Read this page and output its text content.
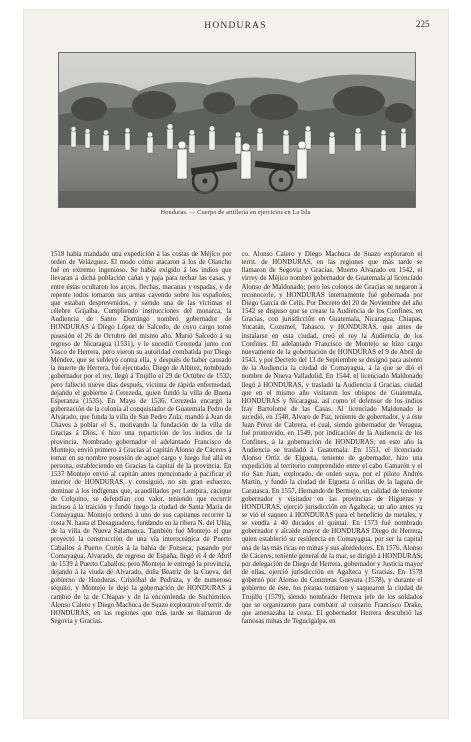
HONDURAS	225
Honduras. — Cuerpo de artillería en ejercicios en La Isla

1518 había mandado una expedición á las costas de Méjico por orden de Velázquez. El modo cómo atacaron á los de Olancho fué en extremo ingenioso. Se había exigido á los indios que llevaran á dichá población cañas y paja para techar las casas, y entre éstas ocultaron los arcos, flechas, macanas y espadas, y de repente todos tomaron sus armas cayendo sobre los españoles, que estaban desprevenidos, y siendo una de las víctimas el célebre Grijalba. Cumpliendo instrucciones del monarca, la Audiencia de Santo Domingo nombró gobernador de HONDURAS á Diego López de Salcedo, de cuyo cargo tomó posesión el 26 de Octubre del mismo año. Murió Salcedo á su regreso de Nicaragua (1531), y le sucedió Cerezeda junto con Vasco de Herrera, pero vieron su autoridad combatida por Diego Méndez, que se subleyó contra ella, y después de haber causado la muerte de Herrera, fué ejecutado. Diego de Albitez, nombrado gobernador por el rey, llegó á Trujillo el 29 de Octubre de 1532; pero falleció nueve días después, víctima de rápida enfermedad, dejando el gobierno á Cerezeda, quien fundó la villa de Buena Esperanza (1535). En Mayo de 1536, Cerezeda encargó la gobernación de la colonia al conquistador de Guatemala Pedro de Alvarado, que funda la villa de San Pedro Zula; mandó á Juan de Chaves á poblar el S., motivando la fundación de la villa de Gracias á Dios, é hizo una repartición de los indios de la provincia. Nombrado gobernador el adelantado Francisco de Montejo, envió primero á Gracias al capitán Alonso de Cáceres á tomar en su nombre posesión de aquel cargo y luego fué allá en persona, estableciendo en Gracias la capital de la provincia. En 1537 Montejo envió al capitán antes mencionado á pacificar el interior de HONDURAS, y consiguió, no sin gran esfuerzo, dominar á los indígenas que, acaudillados por Lempira, cacique de Colquino, se defendían con valor, teniendo que recurrir incluso á la traición y fundó luego la ciudad de Santa María de Comayagua. Montejo ordenó á uno de sus capitanes recorrer la costa N. hasta el Desaguadero, fundando en la ribera N. del Ulúa, de la villa de Nueva Salamanca. También fué Montejo el que proyectó la construcción de una vía interoceánica de Puerto Caballos á Puerto Cortés á la bahía de Fonseca, pasando por Comayagua. Alvarado, de regreso de España, llegó el 4 de Abril de 1539 á Puerto Caballos; pero Montejo le entregó la provincia, dejando á la viuda de Alvarado, doña Beatriz de la Cueva, del gobierno de Honduras. Cristóbal de Pedraza, y de numeroso séquito, y Montejo le dejó la gobernación de HONDURAS á cambio de la de Chiapas y de la encomienda de Suchimilco. Alonso Calero y Diego Machuca de Suazo exploraron el territ. de HONDURAS, en las regiones que más tarde se llamaron de Segovia y Gracias.

co. Alonso Calero y Diego Machuca de Suazo exploraron el territ. de HONDURAS, en las regiones que más tarde se llamaron de Segovia y Gracias. Muerto Alvarado en 1542, el virrey de Méjico nombró gobernador de Guatemala al licenciado Alonso de Maldonado; pero los colonos de Gracias se negaron á reconocerle, y HONDURAS internamente fué gobernada por Diego García de Celís. Por Decreto del 20 de Noviembre del año 1542 se dispuso que se crease la Audiencia de los Confines, en Gracias, con jurisdicción en Guatemala, Nicaragua, Chiapas, Yucatán, Cozumel, Tabasco, y HONDURAS, que antes de instalarse en esta ciudad, creó el rey la Audiencia de los Confines. El adelantado Francisco de Montejo se hizo cargo nuevamente de la gobernación de HONDURAS el 9 de Abril de 1543, y por Decreto del 13 de Septiembre se designó para asiento de la Audiencia la ciudad de Comayagua, á la que se dió el nombre de Nueva Valladolid. En 1544, el licenciado Maldonado llegó á HONDURAS, y trasladó la Audiencia á Gracias, ciudad que en el mismo año visitaron los obispos de Guatemala, HONDURAS y Nicaragua, así como el defensor de los indios fray Bartolomé de las Casas. Al licenciado Maldonado le sucedió, en 1548, Alvaro de Paz, teniente de gobernador, y á éste Juan Pérez de Cabrera, el cual, siendo gobernador de Veragua, fué promovido, en 1549, por indicación de la Audiencia de los Confines, á la gobernación de HONDURAS; en este año la Audiencia se trasladó á Guatemala. En 1551, el licenciado Alonso Ortiz de Elgueta, teniente de gobernador, hizo una expedición al territorio comprendido entre el cabo Camarón y el río San Juan, explorado, de orden suya, por el piloto Andrés Martín, y fundó la ciudad de Elgueta á orillas de la laguna de Caratasca. En 1557, Hernando de Bermejo, en calidad de teniente gobernador y visitador en las provincias de Higueras y HONDURAS, ejerció jurisdicción en Agalteca; un año antes ya se vió el saqueo á HONDURAS para el beneficio de metales, y se vendía á 40 ducados el quintal. En 1573 fué nombrado gobernador y alcalde mayor de HONDURAS Diego de Herrera, quien estableció su residencia en Comayagua, por ser la capital una de las más ricas en minas y sus alrededores. En 1576, Alonso de Cáceres, teniente general de la mar, se dirigió á HONDURAS; por delegación de Diego de Herrera, gobernador y Justicia mayor de ellas, ejerció jurisdicción en Agalteca y Gracias. En 1578 gobernó por Alonso de Contreras Guevara (1578), y durante el gobierno de éste, los piratas tomaron y saquearon la ciudad de Trujillo (1579), siendo nombrado Herrera jefe de los soldados que se organizaron para combatir al corsario Francisco Drake, que amenazaba la costa. El gobernador Herrera descubrió las famosas minas de Tegucigalpa, en
